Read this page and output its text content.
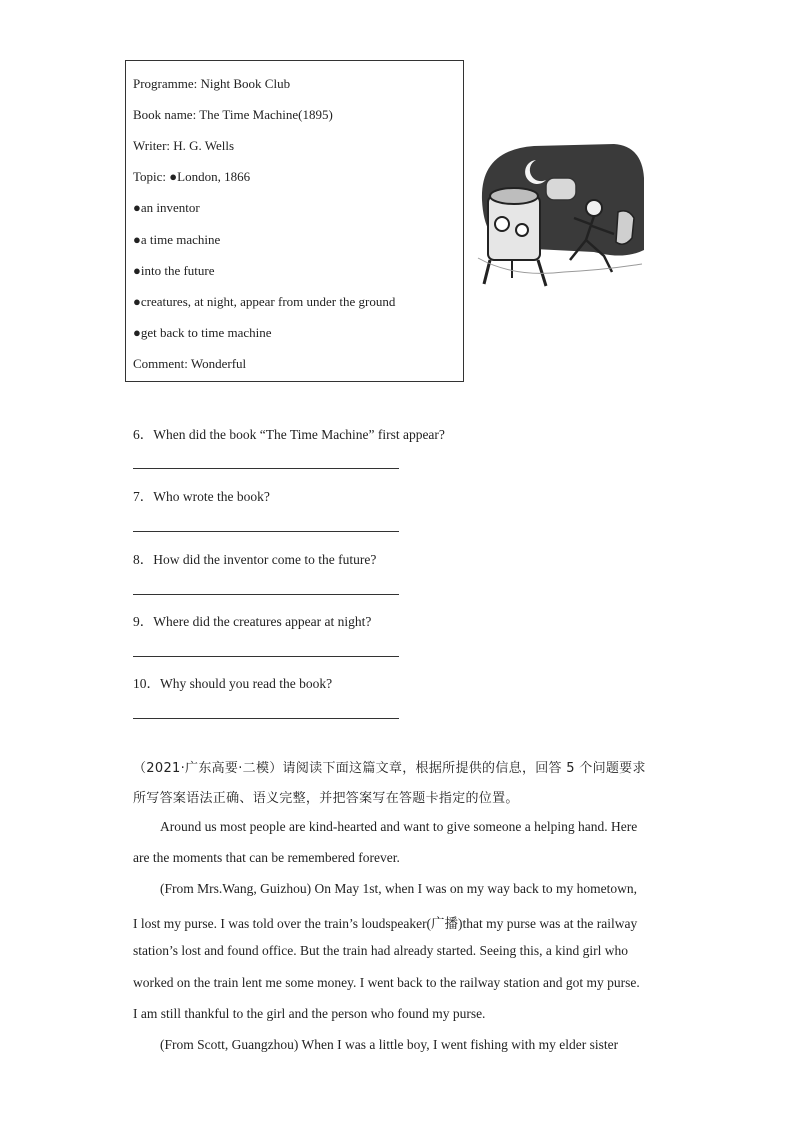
Programme: Night Book Club
Book name: The Time Machine(1895)
Writer: H. G. Wells
Topic: ●London, 1866
●an inventor
●a time machine
●into the future
●creatures, at night, appear from under the ground
●get back to time machine
Comment: Wonderful
6．When did the book “The Time Machine” first appear?
7．Who wrote the book?
8．How did the inventor come to the future?
9．Where did the creatures appear at night?
10．Why should you read the book?
（2021·广东高要·二模）请阅读下面这篇文章，根据所提供的信息，回答 5 个问题要求
所写答案语法正确、语义完整，并把答案写在答题卡指定的位置。
Around us most people are kind-hearted and want to give someone a helping hand. Here
are the moments that can be remembered forever.
(From Mrs.Wang, Guizhou) On May 1st, when I was on my way back to my hometown,
I lost my purse. I was told over the train’s loudspeaker(广播)that my purse was at the railway
station’s lost and found office. But the train had already started. Seeing this, a kind girl who
worked on the train lent me some money. I went back to the railway station and got my purse.
I am still thankful to the girl and the person who found my purse.
(From Scott, Guangzhou) When I was a little boy, I went fishing with my elder sister
